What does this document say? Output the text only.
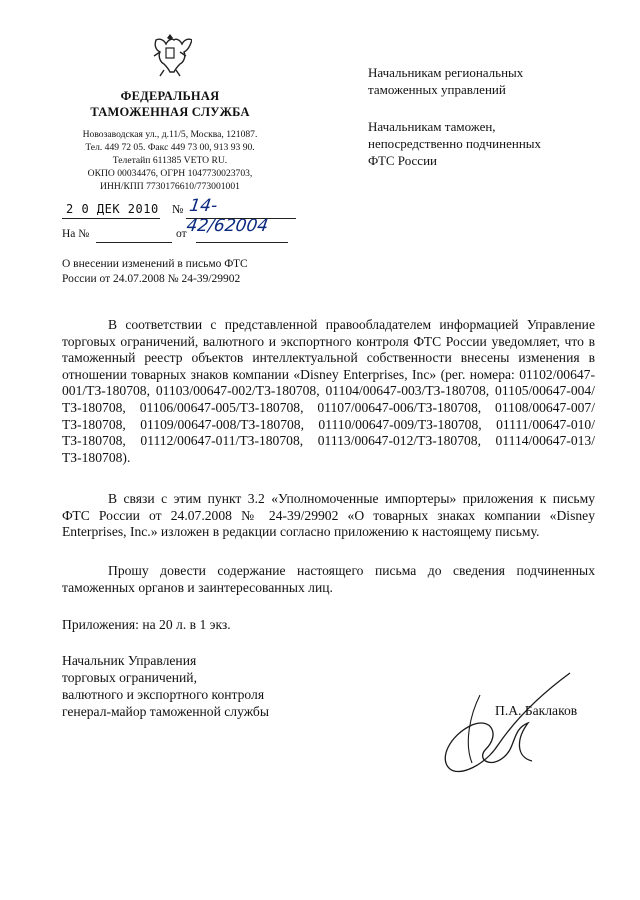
ФЕДЕРАЛЬНАЯ
ТАМОЖЕННАЯ СЛУЖБА
Новозаводская ул., д.11/5, Москва, 121087.
Тел. 449 72 05. Факс 449 73 00, 913 93 90.
Телетайп 611385 VETO RU.
ОКПО 00034476, ОГРН 1047730023703,
ИНН/КПП 7730176610/773001001
2 0 ДЕК 2010 № 14-42/62004
На №	от
О внесении изменений в письмо ФТС
России от 24.07.2008 № 24-39/29902
Начальникам региональных
таможенных управлений
Начальникам таможен,
непосредственно подчиненных
ФТС России
В соответствии с представленной правообладателем информацией Управление торговых ограничений, валютного и экспортного контроля ФТС России уведомляет, что в таможенный реестр объектов интеллектуальной собственности внесены изменения в отношении товарных знаков компании «Disney Enterprises, Inc» (рег. номера: 01102/00647-001/ТЗ-180708, 01103/00647-002/ТЗ-180708, 01104/00647-003/ТЗ-180708, 01105/00647-004/ТЗ-180708, 01106/00647-005/ТЗ-180708, 01107/00647-006/ТЗ-180708, 01108/00647-007/ТЗ-180708, 01109/00647-008/ТЗ-180708, 01110/00647-009/ТЗ-180708, 01111/00647-010/ТЗ-180708, 01112/00647-011/ТЗ-180708, 01113/00647-012/ТЗ-180708, 01114/00647-013/ТЗ-180708).
В связи с этим пункт 3.2 «Уполномоченные импортеры» приложения к письму ФТС России от 24.07.2008 № 24-39/29902 «О товарных знаках компании «Disney Enterprises, Inc.» изложен в редакции согласно приложению к настоящему письму.
Прошу довести содержание настоящего письма до сведения подчиненных таможенных органов и заинтересованных лиц.
Приложения: на 20 л. в 1 экз.
Начальник Управления
торговых ограничений,
валютного и экспортного контроля
генерал-майор таможенной службы	П.А. Баклаков
